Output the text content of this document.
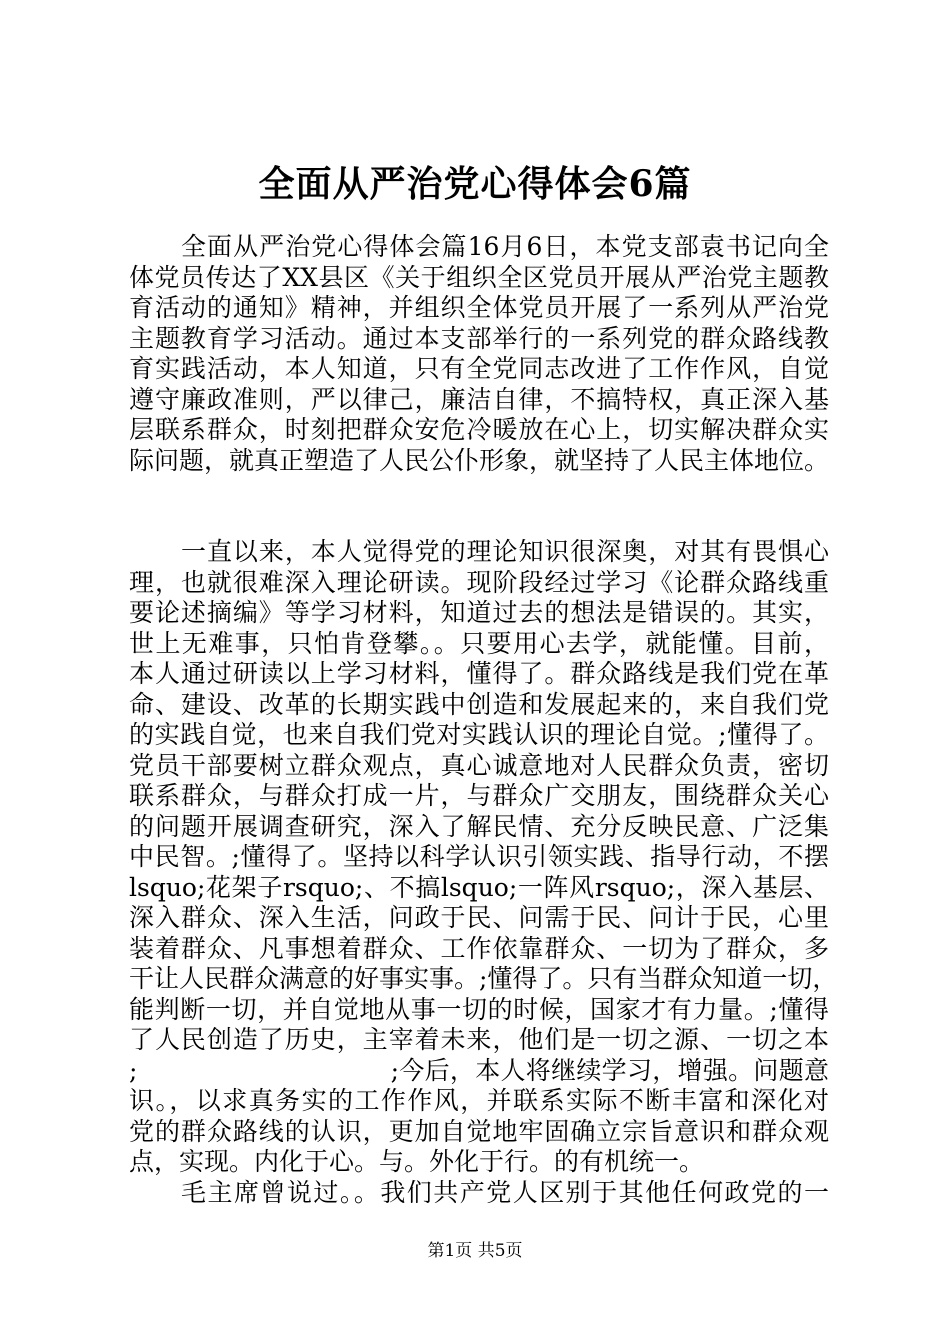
全面从严治党心得体会6篇
全面从严治党心得体会篇16月6日，本党支部袁书记向全
体党员传达了XX县区《关于组织全区党员开展从严治党主题教
育活动的通知》精神，并组织全体党员开展了一系列从严治党
主题教育学习活动。通过本支部举行的一系列党的群众路线教
育实践活动，本人知道，只有全党同志改进了工作作风，自觉
遵守廉政准则，严以律己，廉洁自律，不搞特权，真正深入基
层联系群众，时刻把群众安危冷暖放在心上，切实解决群众实
际问题，就真正塑造了人民公仆形象，就坚持了人民主体地位。
一直以来，本人觉得党的理论知识很深奥，对其有畏惧心
理，也就很难深入理论研读。现阶段经过学习《论群众路线重
要论述摘编》等学习材料，知道过去的想法是错误的。其实，
世上无难事，只怕肯登攀。。只要用心去学，就能懂。目前，
本人通过研读以上学习材料，懂得了。群众路线是我们党在革
命、建设、改革的长期实践中创造和发展起来的，来自我们党
的实践自觉，也来自我们党对实践认识的理论自觉。;懂得了。
党员干部要树立群众观点，真心诚意地对人民群众负责，密切
联系群众，与群众打成一片，与群众广交朋友，围绕群众关心
的问题开展调查研究，深入了解民情、充分反映民意、广泛集
中民智。;懂得了。坚持以科学认识引领实践、指导行动，不摆
lsquo;花架子rsquo;、不搞lsquo;一阵风rsquo;，深入基层、
深入群众、深入生活，问政于民、问需于民、问计于民，心里
装着群众、凡事想着群众、工作依靠群众、一切为了群众，多
干让人民群众满意的好事实事。;懂得了。只有当群众知道一切，
能判断一切，并自觉地从事一切的时候，国家才有力量。;懂得
了人民创造了历史，主宰着未来，他们是一切之源、一切之本
;　　　　　　　　　　;今后，本人将继续学习，增强。问题意
识。，以求真务实的工作作风，并联系实际不断丰富和深化对
党的群众路线的认识，更加自觉地牢固确立宗旨意识和群众观
点，实现。内化于心。与。外化于行。的有机统一。
毛主席曾说过。。我们共产党人区别于其他任何政党的一
第1页 共5页
